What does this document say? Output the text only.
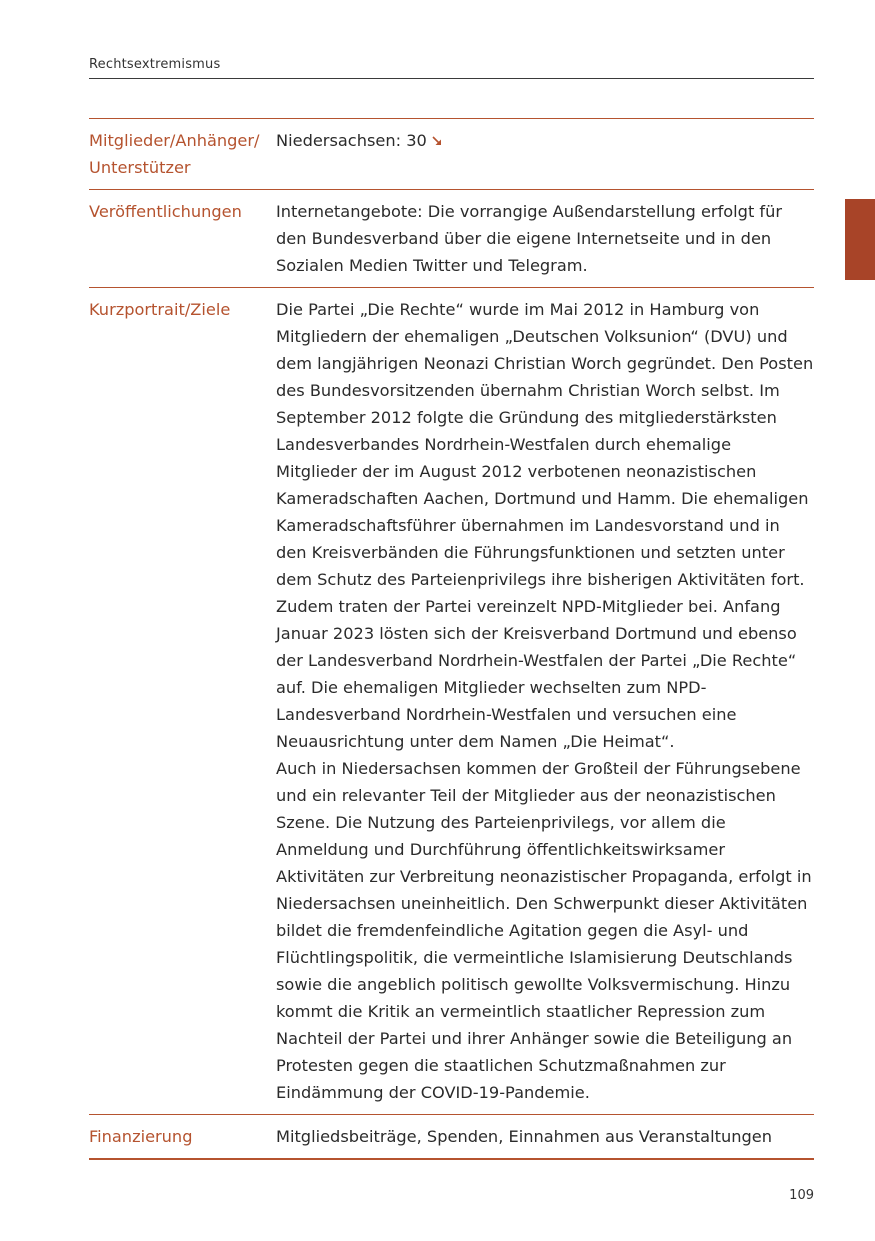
Rechtsextremismus
Mitglieder/Anhänger/ Unterstützer	Niedersachsen: 30
Veröffentlichungen	Internetangebote: Die vorrangige Außendarstellung erfolgt für den Bundesverband über die eigene Internetseite und in den Sozialen Medien Twitter und Telegram.
Kurzportrait/Ziele	Die Partei „Die Rechte“ wurde im Mai 2012 in Hamburg von Mitgliedern der ehemaligen „Deutschen Volksunion“ (DVU) und dem langjährigen Neonazi Christian Worch gegründet. Den Posten des Bundesvorsitzenden übernahm Christian Worch selbst. Im September 2012 folgte die Gründung des mitgliederstärksten Landesverbandes Nordrhein-Westfalen durch ehemalige Mitglieder der im August 2012 verbotenen neonazistischen Kameradschaften Aachen, Dortmund und Hamm. Die ehemaligen Kameradschaftsführer übernahmen im Landesvorstand und in den Kreisverbänden die Führungsfunktionen und setzten unter dem Schutz des Parteienprivilegs ihre bisherigen Aktivitäten fort. Zudem traten der Partei vereinzelt NPD-Mitglieder bei. Anfang Januar 2023 lösten sich der Kreisverband Dortmund und ebenso der Landesverband Nordrhein-Westfalen der Partei „Die Rechte“ auf. Die ehemaligen Mitglieder wechselten zum NPD-Landesverband Nordrhein-Westfalen und versuchen eine Neuausrichtung unter dem Namen „Die Heimat“.
Auch in Niedersachsen kommen der Großteil der Führungsebene und ein relevanter Teil der Mitglieder aus der neonazistischen Szene. Die Nutzung des Parteienprivilegs, vor allem die Anmeldung und Durchführung öffentlichkeitswirksamer Aktivitäten zur Verbreitung neonazistischer Propaganda, erfolgt in Niedersachsen uneinheitlich. Den Schwerpunkt dieser Aktivitäten bildet die fremdenfeindliche Agitation gegen die Asyl- und Flüchtlingspolitik, die vermeintliche Islamisierung Deutschlands sowie die angeblich politisch gewollte Volksvermischung. Hinzu kommt die Kritik an vermeintlich staatlicher Repression zum Nachteil der Partei und ihrer Anhänger sowie die Beteiligung an Protesten gegen die staatlichen Schutzmaßnahmen zur Eindämmung der COVID-19-Pandemie.

Finanzierung	Mitgliedsbeiträge, Spenden, Einnahmen aus Veranstaltungen
109
